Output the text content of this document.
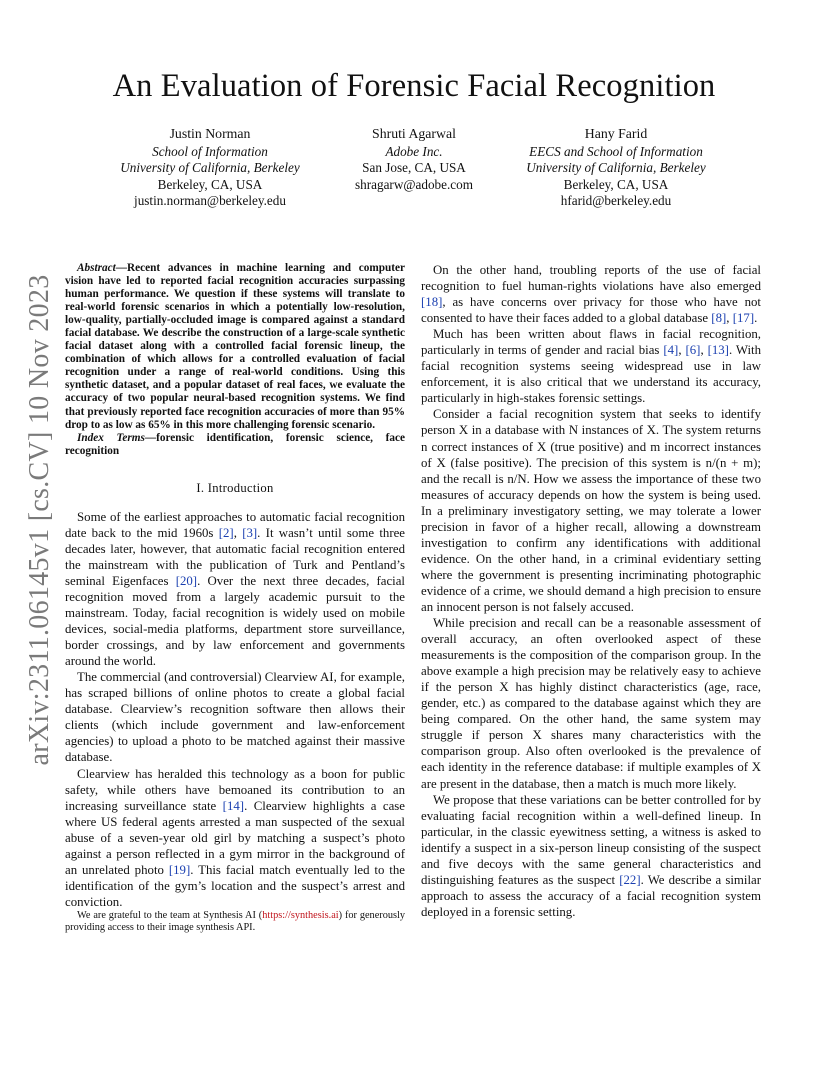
arXiv:2311.06145v1 [cs.CV] 10 Nov 2023
An Evaluation of Forensic Facial Recognition
Justin Norman
School of Information
University of California, Berkeley
Berkeley, CA, USA
justin.norman@berkeley.edu
Shruti Agarwal
Adobe Inc.
San Jose, CA, USA
shragarw@adobe.com
Hany Farid
EECS and School of Information
University of California, Berkeley
Berkeley, CA, USA
hfarid@berkeley.edu

Abstract—Recent advances in machine learning and computer vision have led to reported facial recognition accuracies surpassing human performance. We question if these systems will translate to real-world forensic scenarios in which a potentially low-resolution, low-quality, partially-occluded image is compared against a standard facial database. We describe the construction of a large-scale synthetic facial dataset along with a controlled facial forensic lineup, the combination of which allows for a controlled evaluation of facial recognition under a range of real-world conditions. Using this synthetic dataset, and a popular dataset of real faces, we evaluate the accuracy of two popular neural-based recognition systems. We find that previously reported face recognition accuracies of more than 95% drop to as low as 65% in this more challenging forensic scenario.

Index Terms—forensic identification, forensic science, face recognition

I. Introduction

Some of the earliest approaches to automatic facial recognition date back to the mid 1960s [2], [3]. It wasn’t until some three decades later, however, that automatic facial recognition entered the mainstream with the publication of Turk and Pentland’s seminal Eigenfaces [20]. Over the next three decades, facial recognition moved from a largely academic pursuit to the mainstream. Today, facial recognition is widely used on mobile devices, social-media platforms, department store surveillance, border crossings, and by law enforcement and governments around the world.

The commercial (and controversial) Clearview AI, for example, has scraped billions of online photos to create a global facial database. Clearview’s recognition software then allows their clients (which include government and law-enforcement agencies) to upload a photo to be matched against their massive database.

Clearview has heralded this technology as a boon for public safety, while others have bemoaned its contribution to an increasing surveillance state [14]. Clearview highlights a case where US federal agents arrested a man suspected of the sexual abuse of a seven-year old girl by matching a suspect’s photo against a person reflected in a gym mirror in the background of an unrelated photo [19]. This facial match eventually led to the identification of the gym’s location and the suspect’s arrest and conviction.

We are grateful to the team at Synthesis AI (https://synthesis.ai) for generously providing access to their image synthesis API.

On the other hand, troubling reports of the use of facial recognition to fuel human-rights violations have also emerged [18], as have concerns over privacy for those who have not consented to have their faces added to a global database [8], [17].

Much has been written about flaws in facial recognition, particularly in terms of gender and racial bias [4], [6], [13]. With facial recognition systems seeing widespread use in law enforcement, it is also critical that we understand its accuracy, particularly in high-stakes forensic settings.

Consider a facial recognition system that seeks to identify person X in a database with N instances of X. The system returns n correct instances of X (true positive) and m incorrect instances of X (false positive). The precision of this system is n/(n + m); and the recall is n/N. How we assess the importance of these two measures of accuracy depends on how the system is being used. In a preliminary investigatory setting, we may tolerate a lower precision in favor of a higher recall, allowing a downstream investigation to confirm any identifications with additional evidence. On the other hand, in a criminal evidentiary setting where the government is presenting incriminating photographic evidence of a crime, we should demand a high precision to ensure an innocent person is not falsely accused.

While precision and recall can be a reasonable assessment of overall accuracy, an often overlooked aspect of these measurements is the composition of the comparison group. In the above example a high precision may be relatively easy to achieve if the person X has highly distinct characteristics (age, race, gender, etc.) as compared to the database against which they are being compared. On the other hand, the same system may struggle if person X shares many characteristics with the comparison group. Also often overlooked is the prevalence of each identity in the reference database: if multiple examples of X are present in the database, then a match is much more likely.

We propose that these variations can be better controlled for by evaluating facial recognition within a well-defined lineup. In particular, in the classic eyewitness setting, a witness is asked to identify a suspect in a six-person lineup consisting of the suspect and five decoys with the same general characteristics and distinguishing features as the suspect [22]. We describe a similar approach to assess the accuracy of a facial recognition system deployed in a forensic setting.
